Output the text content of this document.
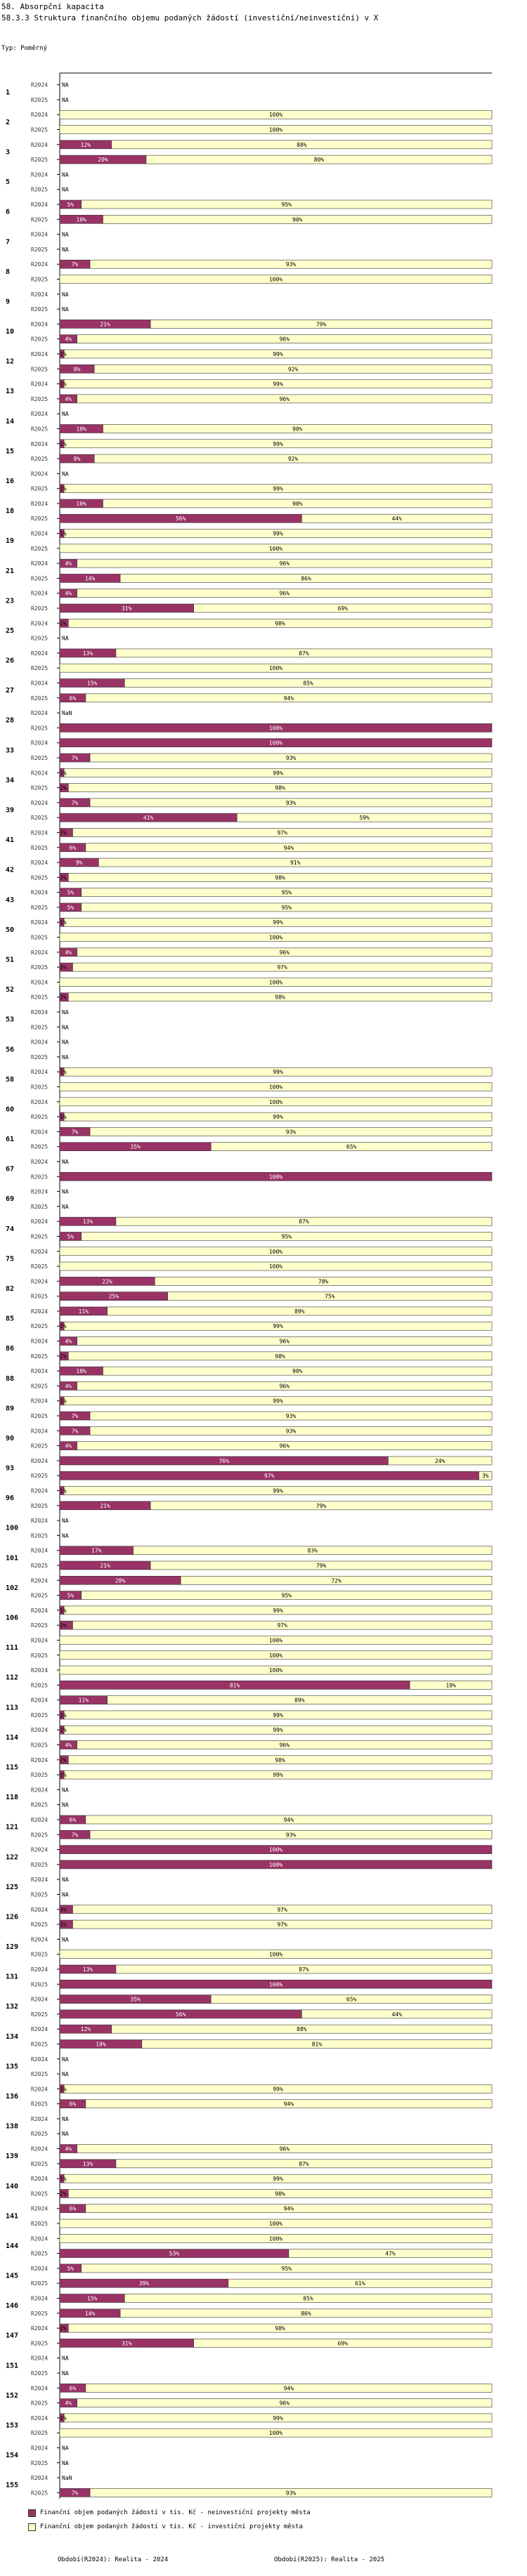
58. Absorpční kapacita
58.3.3 Struktura finančního objemu podaných žádostí (investiční/neinvestiční) v X
Typ: Poměrný
1
R2024 NA
R2025 NA
2
R2024	100%
R2025	100%
3
R2024	12%	88%
R2025	20%	80%
5
R2024 NA
R2025 NA
6
R2024	5%	95%
R2025	10%	90%
7
R2024 NA
R2025 NA
8
R2024	7%	93%
R2025	100%
9
R2024 NA
R2025 NA
10
R2024	21%	79%
R2025	4%	96%
12
R2024 1%	99%
R2025	8%	92%
13
R2024 1%	99%
R2025	4%	96%
14
R2024 NA
R2025	10%	90%
15
R2024 1%	99%
R2025	8%	92%
16
R2024 NA
R2025 1%	99%
18
R2024	10%	90%
R2025	56%	44%
19
R2024 1%	99%
R2025	100%
21
R2024	4%	96%
R2025	14%	86%
23
R2024	4%	96%
R2025	31%	69%
25
R2024 2%	98%
R2025 NA
26
R2024	13%	87%
R2025	100%
27
R2024	15%	85%
R2025	6%	94%
28
R2024 NaN
R2025	100%
33
R2024	100%
R2025	7%	93%
34
R2024 1%	99%
R2025 2%	98%
39
R2024	7%	93%
R2025	41%	59%
41
R2024 3%	97%
R2025	6%	94%
42
R2024	9%	91%
R2025 2%	98%
43
R2024	5%	95%
R2025	5%	95%
50
R2024 1%	99%
R2025	100%
51
R2024	4%	96%
R2025 3%	97%
52
R2024	100%
R2025 2%	98%
53
R2024 NA
R2025 NA
56
R2024 NA
R2025 NA
58
R2024 1%	99%
R2025	100%
60
R2024	100%
R2025 1%	99%
61
R2024	7%	93%
R2025	35%	65%
67
R2024 NA
R2025	100%
69
R2024 NA
R2025 NA
74
R2024	13%	87%
R2025	5%	95%
75
R2024	100%
R2025	100%
82
R2024	22%	78%
R2025	25%	75%
85
R2024	11%	89%
R2025 1%	99%
86
R2024	4%	96%
R2025 2%	98%
88
R2024	10%	90%
R2025	4%	96%
89
R2024 1%	99%
R2025	7%	93%
90
R2024	7%	93%
R2025	4%	96%
93
R2024	76%	24%
R2025	97%	3%
96
R2024 1%	99%
R2025	21%	79%
100
R2024 NA
R2025 NA
101
R2024	17%	83%
R2025	21%	79%
102
R2024	28%	72%
R2025	5%	95%
106
R2024 1%	99%
R2025 3%	97%
111
R2024	100%
R2025	100%
112
R2024	100%
R2025	81%	19%
113
R2024	11%	89%
R2025 1%	99%
114
R2024 1%	99%
R2025	4%	96%
115
R2024 2%	98%
R2025 1%	99%
118
R2024 NA
R2025 NA
121
R2024	6%	94%
R2025	7%	93%
122
R2024	100%
R2025	100%
125
R2024 NA
R2025 NA
126
R2024 3%	97%
R2025 3%	97%
129
R2024 NA
R2025	100%
131
R2024	13%	87%
R2025	100%
132
R2024	35%	65%
R2025	56%	44%
134
R2024	12%	88%
R2025	19%	81%
135
R2024 NA
R2025 NA
136
R2024 1%	99%
R2025	6%	94%
138
R2024 NA
R2025 NA
139
R2024	4%	96%
R2025	13%	87%
140
R2024 1%	99%
R2025 2%	98%
141
R2024	6%	94%
R2025	100%
144
R2024	100%
R2025	53%	47%
145
R2024	5%	95%
R2025	39%	61%
146
R2024	15%	85%
R2025	14%	86%
147
R2024 2%	98%
R2025	31%	69%
151
R2024 NA
R2025 NA
152
R2024	6%	94%
R2025	4%	96%
153
R2024 1%	99%
R2025	100%
154
R2024 NA
R2025 NA
155
R2024 NaN
R2025	7%	93%
Finanční objem podaných žádostí v tis. Kč - neinvestiční projekty města
Finanční objem podaných žádostí v tis. Kč - investiční projekty města
Období(R2024): Realita - 2024	Období(R2025): Realita - 2025
